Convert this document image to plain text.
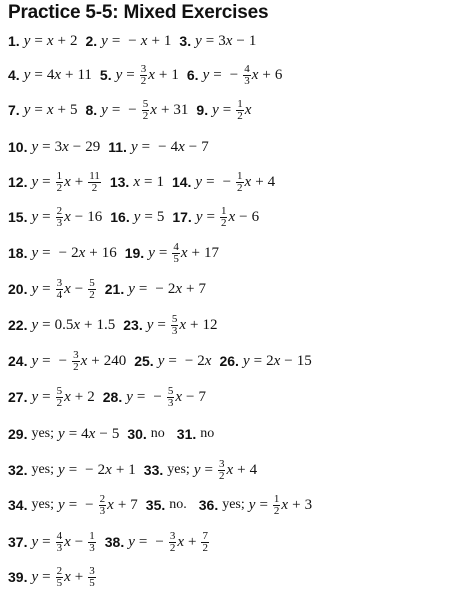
Practice 5-5: Mixed Exercises
1. y = x + 2 2. y = − x + 1 3. y = 3x − 1
4. y = 4x + 11 5. $y = \frac{3}{2}$ x + 1 6. y = − $\frac{4}{3}$ x + 6
7. y = x + 5 8. y = − $\frac{5}{2}$ x + 31 9. $y = \frac{1}{2}$ x
10. y = 3x − 29 11. y = − 4x − 7
12. $y = \frac{1}{2}$ $x + \frac{11}{2} 13$. x = 1 14. y = − $\frac{1}{2}$ x + 4
15. $y = \frac{2}{3}$ x − 16 16. y = 5 17. $y = \frac{1}{2}$ x − 6
18. y = − 2x + 16 19. $y = \frac{4}{5}$ x + 17
20. $y = \frac{3}{4}$ $x - \frac{5}{2} 21$. y = − 2x + 7
22. y = 0.5x + 1.5 23. $y = \frac{5}{3}$ x + 12
24. y = − $\frac{3}{2}$ x + 240 25. y = − 2x 26. y = 2x − 15
27. $y = \frac{5}{2}$ x + 2 28. y = − $\frac{5}{3}$ x − 7
29. yes; y = 4x − 5 30. no 31. no
32. yes; y = − 2x + 1 33. yes; $y = \frac{3}{2}$ x + 4
34. yes; y = − $\frac{2}{3}$ x + 7 35. no. 36. yes; $y = \frac{1}{2}$ x + 3
37. $y = \frac{4}{3}$ $x - \frac{1}{3} 38$. y = − $\frac{3}{2}$ $x + \frac{7}{2}$
39. $y = \frac{2}{5}$ $x + \frac{3}{5}$
